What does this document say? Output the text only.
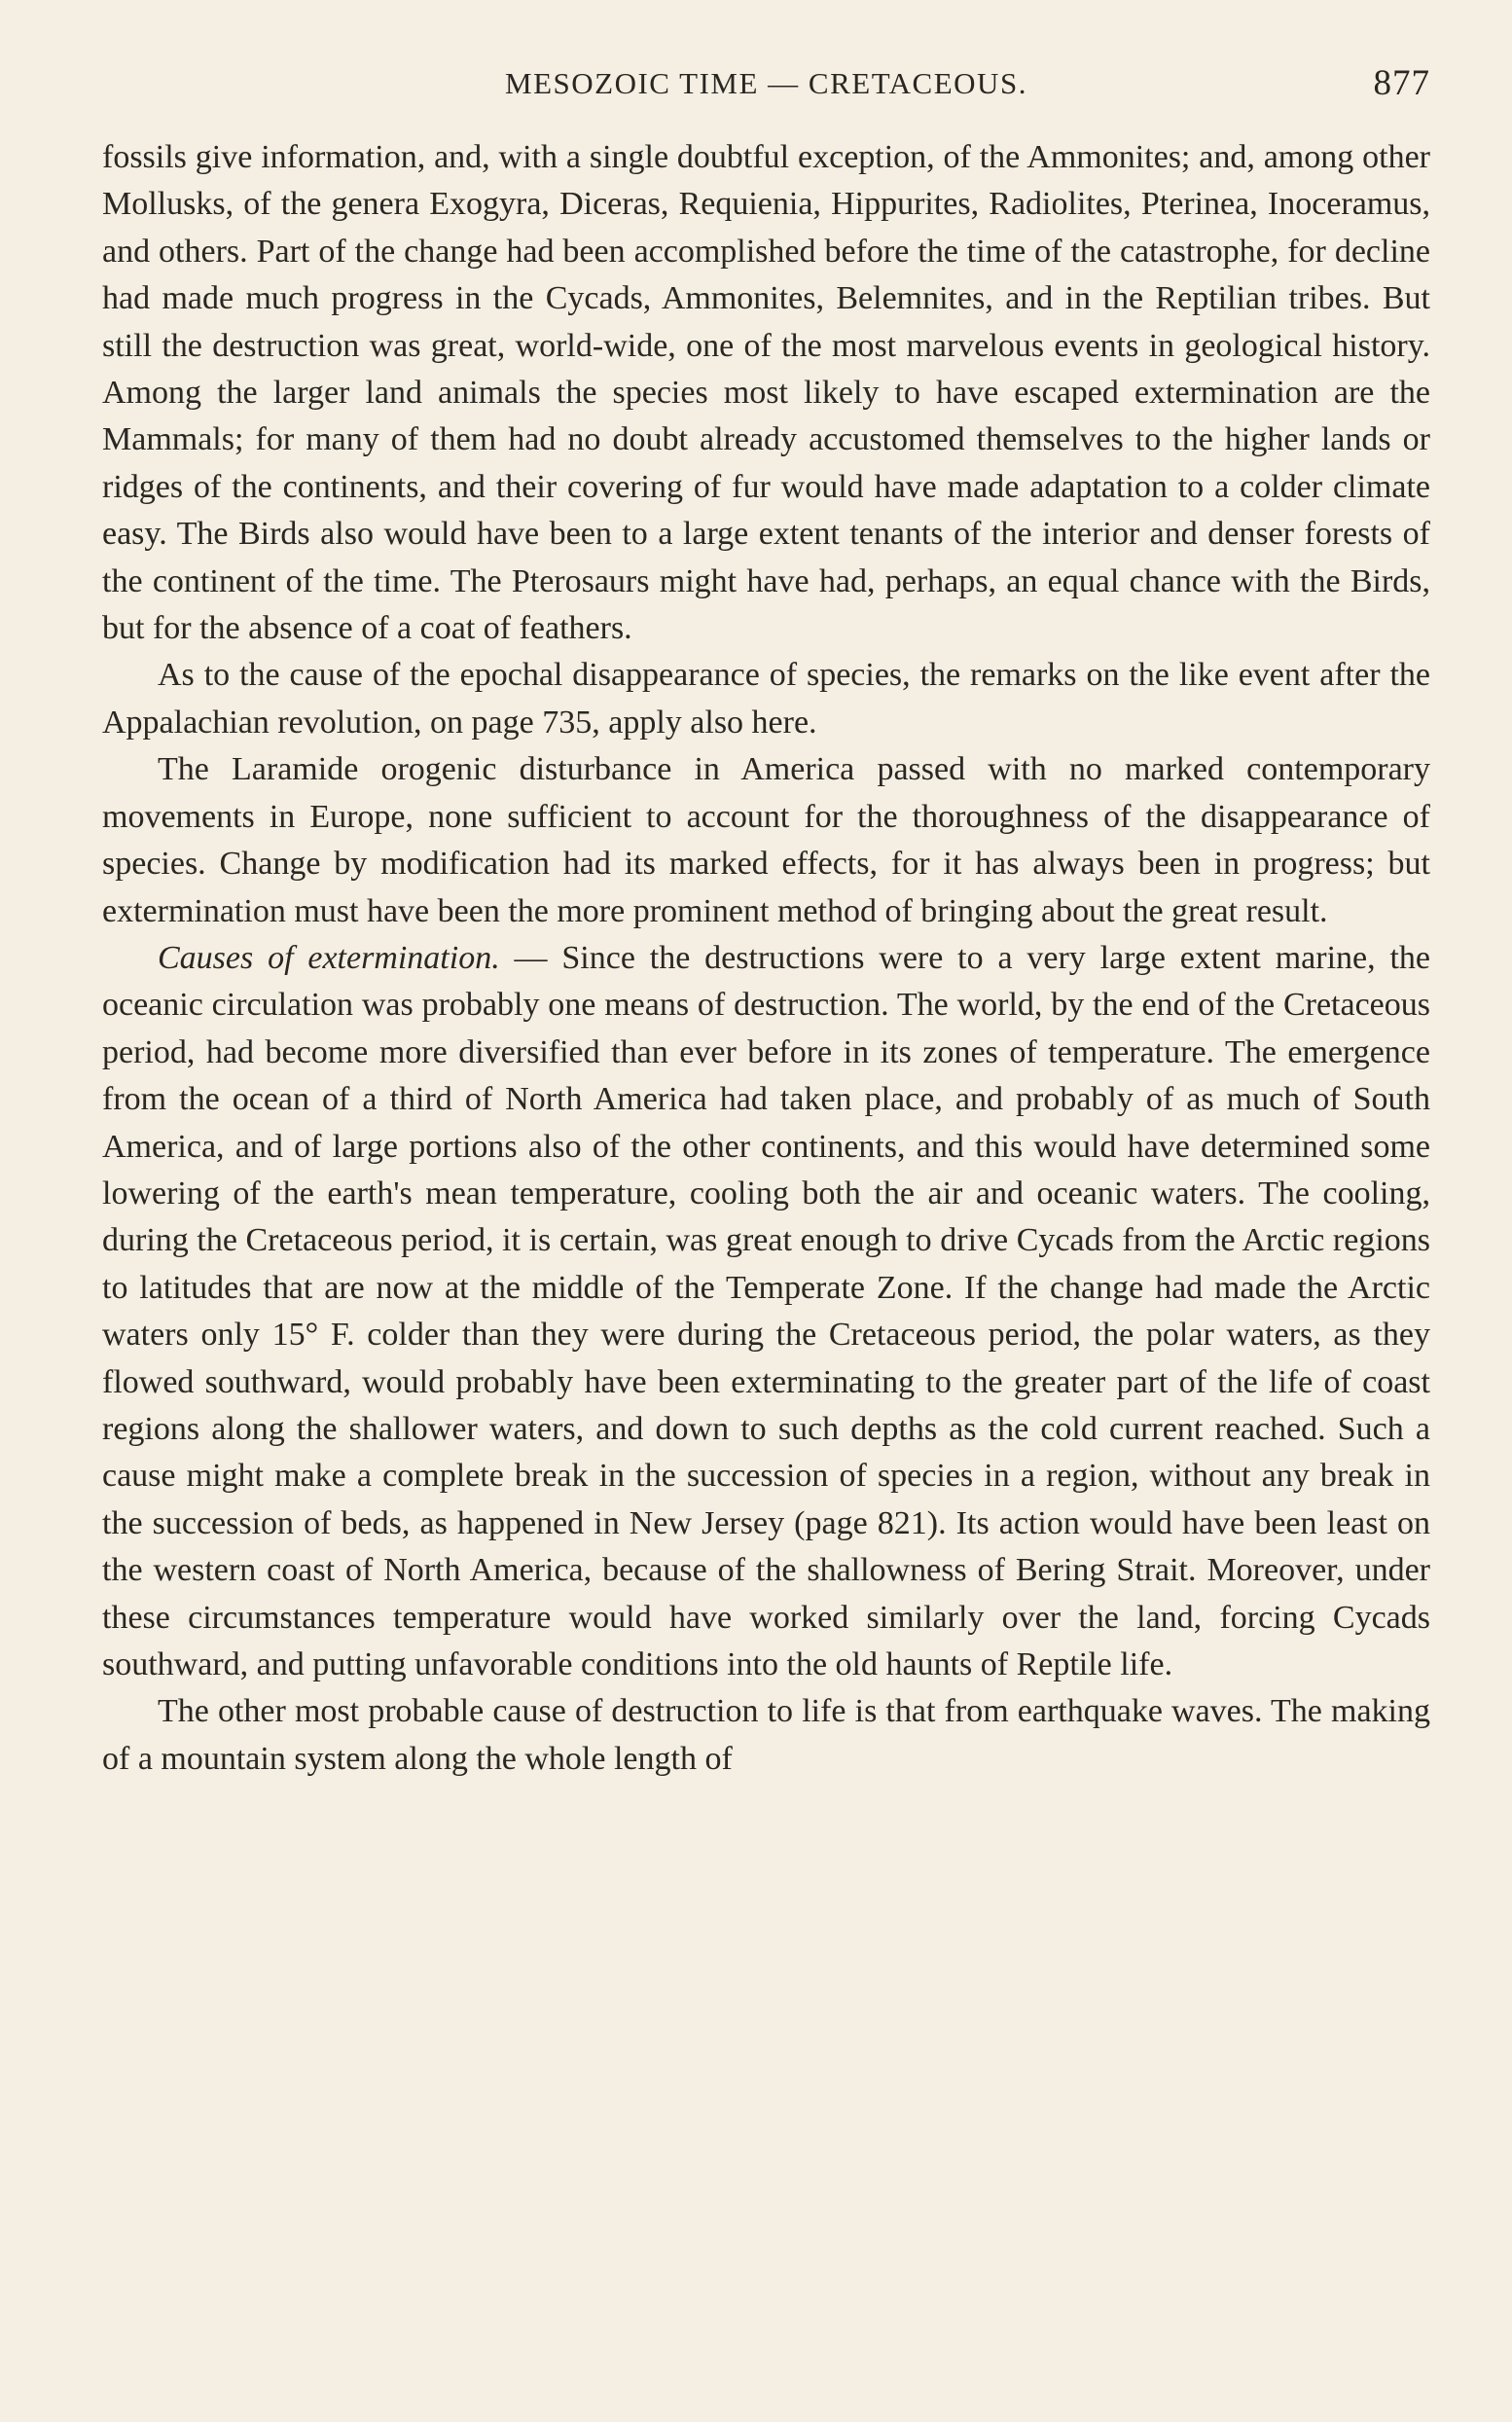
MESOZOIC TIME — CRETACEOUS.	877

fossils give information, and, with a single doubtful exception, of the Ammonites; and, among other Mollusks, of the genera Exogyra, Diceras, Requienia, Hippurites, Radiolites, Pterinea, Inoceramus, and others. Part of the change had been accomplished before the time of the catastrophe, for decline had made much progress in the Cycads, Ammonites, Belemnites, and in the Reptilian tribes. But still the destruction was great, world-wide, one of the most marvelous events in geological history. Among the larger land animals the species most likely to have escaped extermination are the Mammals; for many of them had no doubt already accustomed themselves to the higher lands or ridges of the continents, and their covering of fur would have made adaptation to a colder climate easy. The Birds also would have been to a large extent tenants of the interior and denser forests of the continent of the time. The Pterosaurs might have had, perhaps, an equal chance with the Birds, but for the absence of a coat of feathers.

As to the cause of the epochal disappearance of species, the remarks on the like event after the Appalachian revolution, on page 735, apply also here.

The Laramide orogenic disturbance in America passed with no marked contemporary movements in Europe, none sufficient to account for the thoroughness of the disappearance of species. Change by modification had its marked effects, for it has always been in progress; but extermination must have been the more prominent method of bringing about the great result.

Causes of extermination. — Since the destructions were to a very large extent marine, the oceanic circulation was probably one means of destruction. The world, by the end of the Cretaceous period, had become more diversified than ever before in its zones of temperature. The emergence from the ocean of a third of North America had taken place, and probably of as much of South America, and of large portions also of the other continents, and this would have determined some lowering of the earth's mean temperature, cooling both the air and oceanic waters. The cooling, during the Cretaceous period, it is certain, was great enough to drive Cycads from the Arctic regions to latitudes that are now at the middle of the Temperate Zone. If the change had made the Arctic waters only 15° F. colder than they were during the Cretaceous period, the polar waters, as they flowed southward, would probably have been exterminating to the greater part of the life of coast regions along the shallower waters, and down to such depths as the cold current reached. Such a cause might make a complete break in the succession of species in a region, without any break in the succession of beds, as happened in New Jersey (page 821). Its action would have been least on the western coast of North America, because of the shallowness of Bering Strait. Moreover, under these circumstances temperature would have worked similarly over the land, forcing Cycads southward, and putting unfavorable conditions into the old haunts of Reptile life.

The other most probable cause of destruction to life is that from earthquake waves. The making of a mountain system along the whole length of
